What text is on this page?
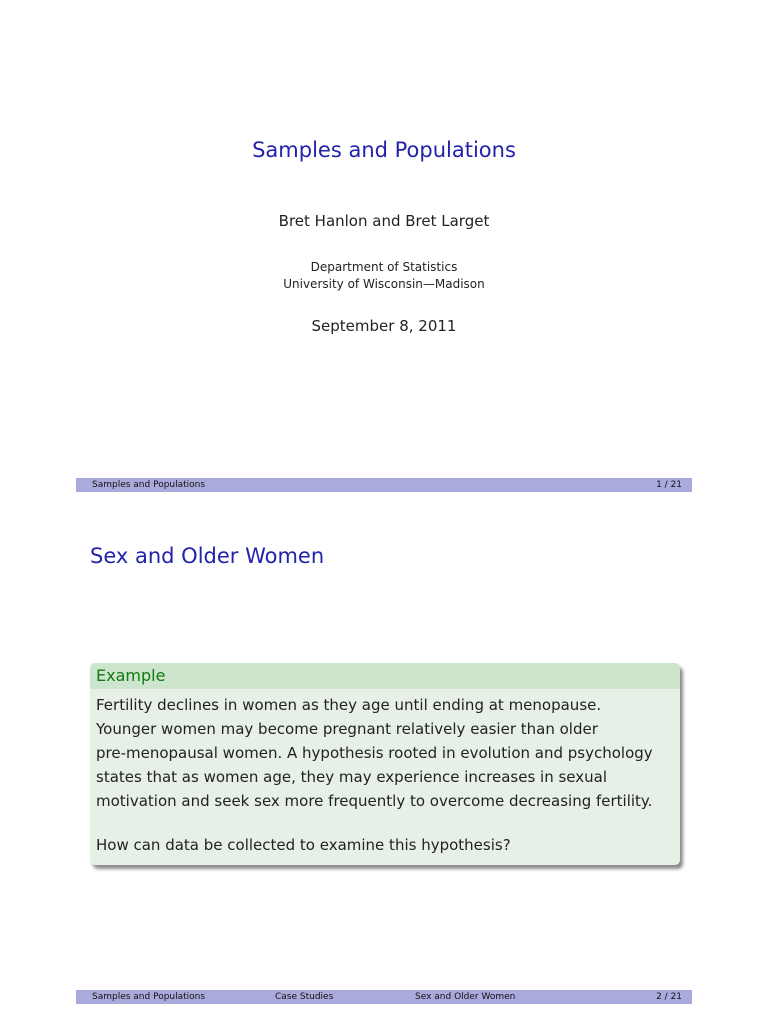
Samples and Populations
Bret Hanlon and Bret Larget
Department of Statistics
University of Wisconsin—Madison
September 8, 2011
Samples and Populations	1 / 21
Sex and Older Women
Example

Fertility declines in women as they age until ending at menopause.
Younger women may become pregnant relatively easier than older
pre-menopausal women. A hypothesis rooted in evolution and psychology
states that as women age, they may experience increases in sexual
motivation and seek sex more frequently to overcome decreasing fertility.

How can data be collected to examine this hypothesis?

Samples and Populations	Case Studies	Sex and Older Women	2 / 21
